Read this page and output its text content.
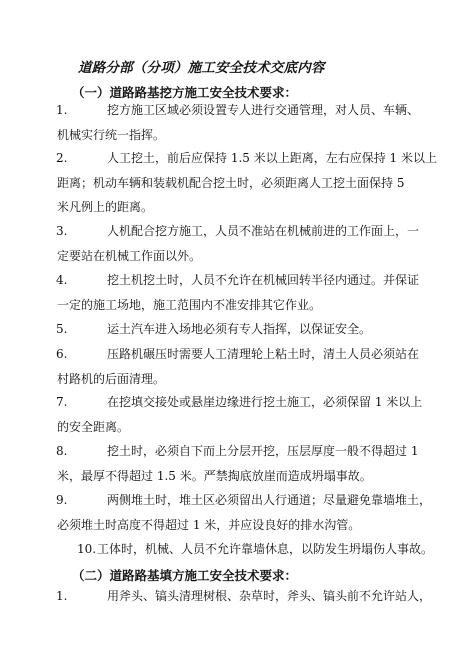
道路分部（分项）施工安全技术交底内容
（一）道路路基挖方施工安全技术要求：
1.	挖方施工区域必须设置专人进行交通管理，对人员、车辆、
机械实行统一指挥。
2.	人工挖土，前后应保持 1.5 米以上距离，左右应保持 1 米以上
距离；机动车辆和装载机配合挖土时，必须距离人工挖土面保持 5
米凡例上的距离。
3.	人机配合挖方施工，人员不准站在机械前进的工作面上，一
定要站在机械工作面以外。
4.	挖土机挖土时，人员不允许在机械回转半径内通过。并保证
一定的施工场地，施工范围内不准安排其它作业。
5.	运土汽车进入场地必须有专人指挥，以保证安全。
6.	压路机碾压时需要人工清理轮上粘土时，清土人员必须站在
村路机的后面清理。
7.	在挖填交接处或悬崖边缘进行挖土施工，必须保留 1 米以上
的安全距离。
8.	挖土时，必须自下而上分层开挖，压层厚度一般不得超过 1
米，最厚不得超过 1.5 米。严禁掏底放崖而造成坍塌事故。
9.	两侧堆土时，堆土区必须留出人行通道；尽量避免靠墙堆土，
必须堆土时高度不得超过 1 米，并应设良好的排水沟管。
10. 工体时，机械、人员不允许靠墙休息，以防发生坍塌伤人事故。
（二）道路路基填方施工安全技术要求：
1.	用斧头、镐头清理树根、杂草时，斧头、镐头前不允许站人，
